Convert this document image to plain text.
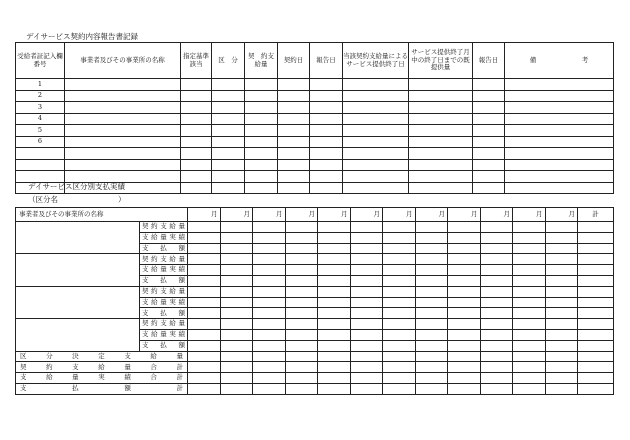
デイサービス契約内容報告書記録
受給者証記入欄番号	事業者及びその事業所の名称	指定基準該当	区　分	契　約支給量	契約日	報告日	当該契約支給量によるサービス提供終了日	サービス提供終了月中の終了日までの既提供量	報告日	備　　　　　　　考
1										
2										
3										
4										
5										
6										

デイサービス区分別支払実績
（区分名	）
事業者及びその事業所の名称		月	月	月	月	月	月	月	月	月	月	月	月	計
	契約支給量													
	支給量実績													
	支　払　額													
	契約支給量													
	支給量実績													
	支　払　額													
	契約支給量													
	支給量実績													
	支　払　額													
	契約支給量													
	支給量実績													
	支　払　額													
区分決定支給量														
契約支給量合計														
支給量実績合計														
支払額計														
